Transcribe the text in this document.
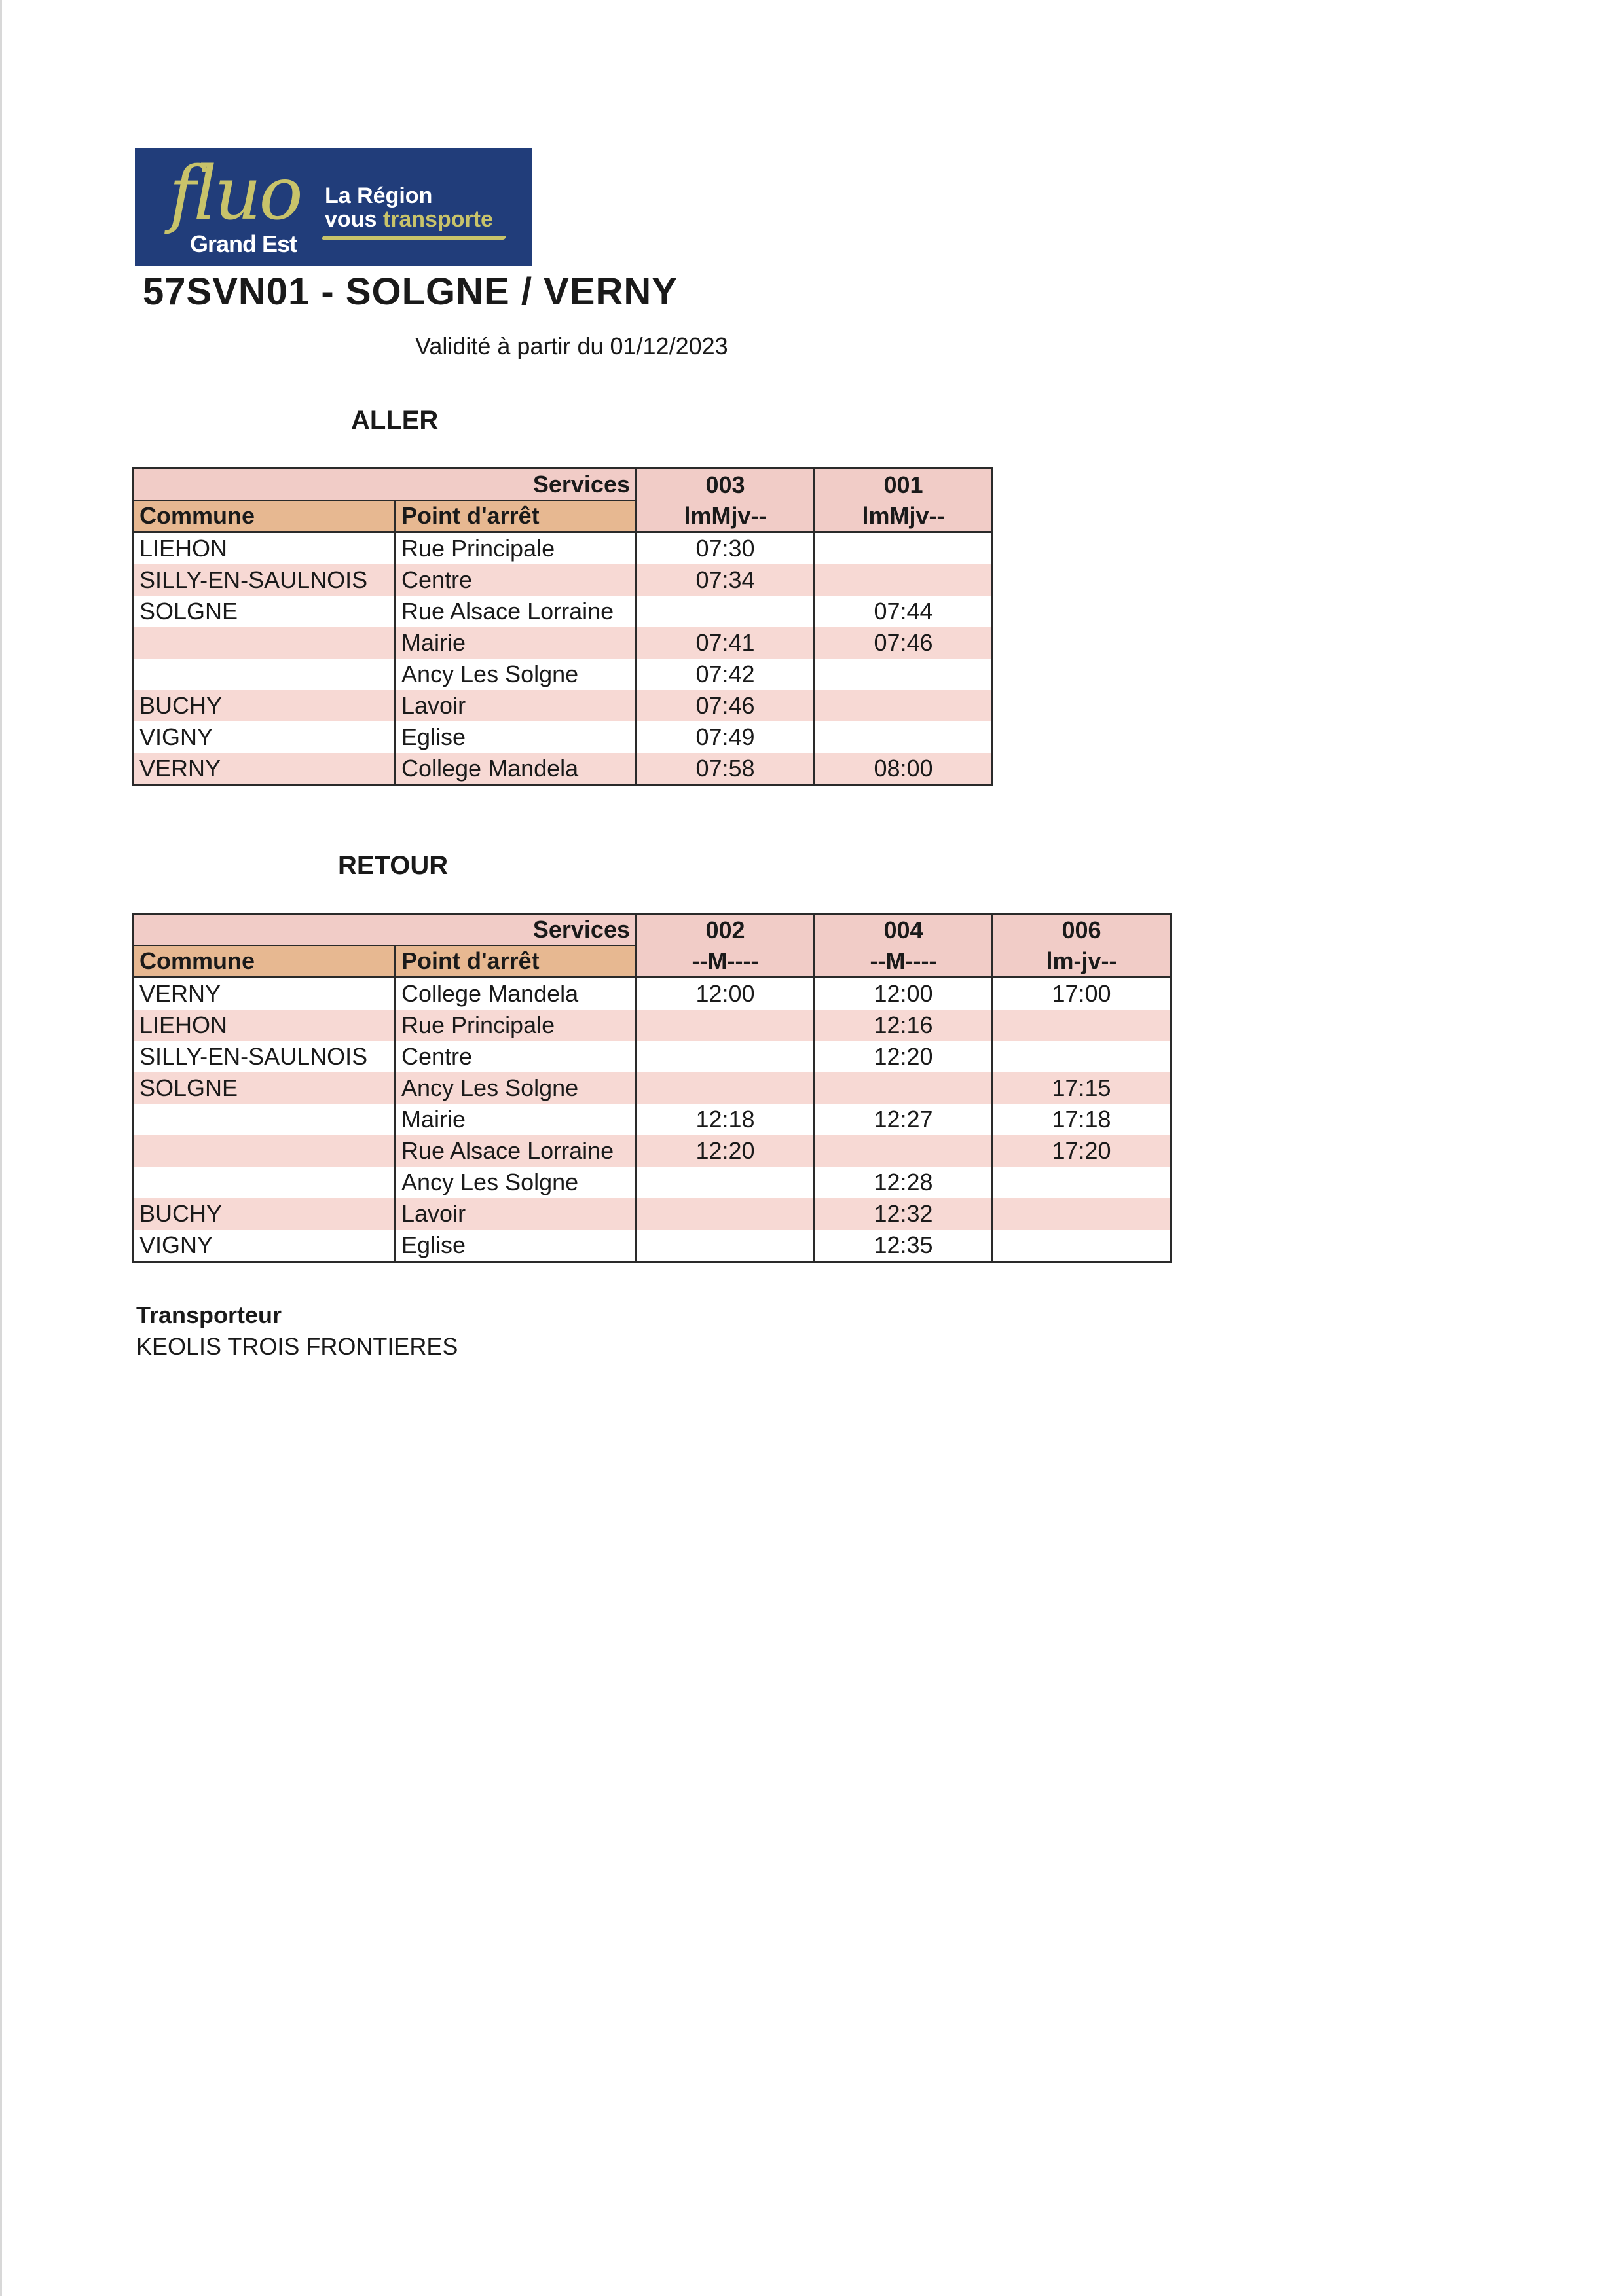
fluo
Grand Est
La Région
vous transporte
57SVN01 - SOLGNE / VERNY
Validité à partir du 01/12/2023
ALLER
Services		003	001
Commune	Point d'arrêt	lmMjv--	lmMjv--
LIEHON	Rue Principale	07:30	
SILLY-EN-SAULNOIS	Centre	07:34	
SOLGNE	Rue Alsace Lorraine		07:44
	Mairie	07:41	07:46
	Ancy Les Solgne	07:42	
BUCHY	Lavoir	07:46	
VIGNY	Eglise	07:49	
VERNY	College Mandela	07:58	08:00
RETOUR
Services		002	004	006
Commune	Point d'arrêt	--M----	--M----	lm-jv--
VERNY	College Mandela	12:00	12:00	17:00
LIEHON	Rue Principale		12:16	
SILLY-EN-SAULNOIS	Centre		12:20	
SOLGNE	Ancy Les Solgne			17:15
	Mairie	12:18	12:27	17:18
	Rue Alsace Lorraine	12:20		17:20
	Ancy Les Solgne		12:28	
BUCHY	Lavoir		12:32	
VIGNY	Eglise		12:35	
Transporteur
KEOLIS TROIS FRONTIERES
